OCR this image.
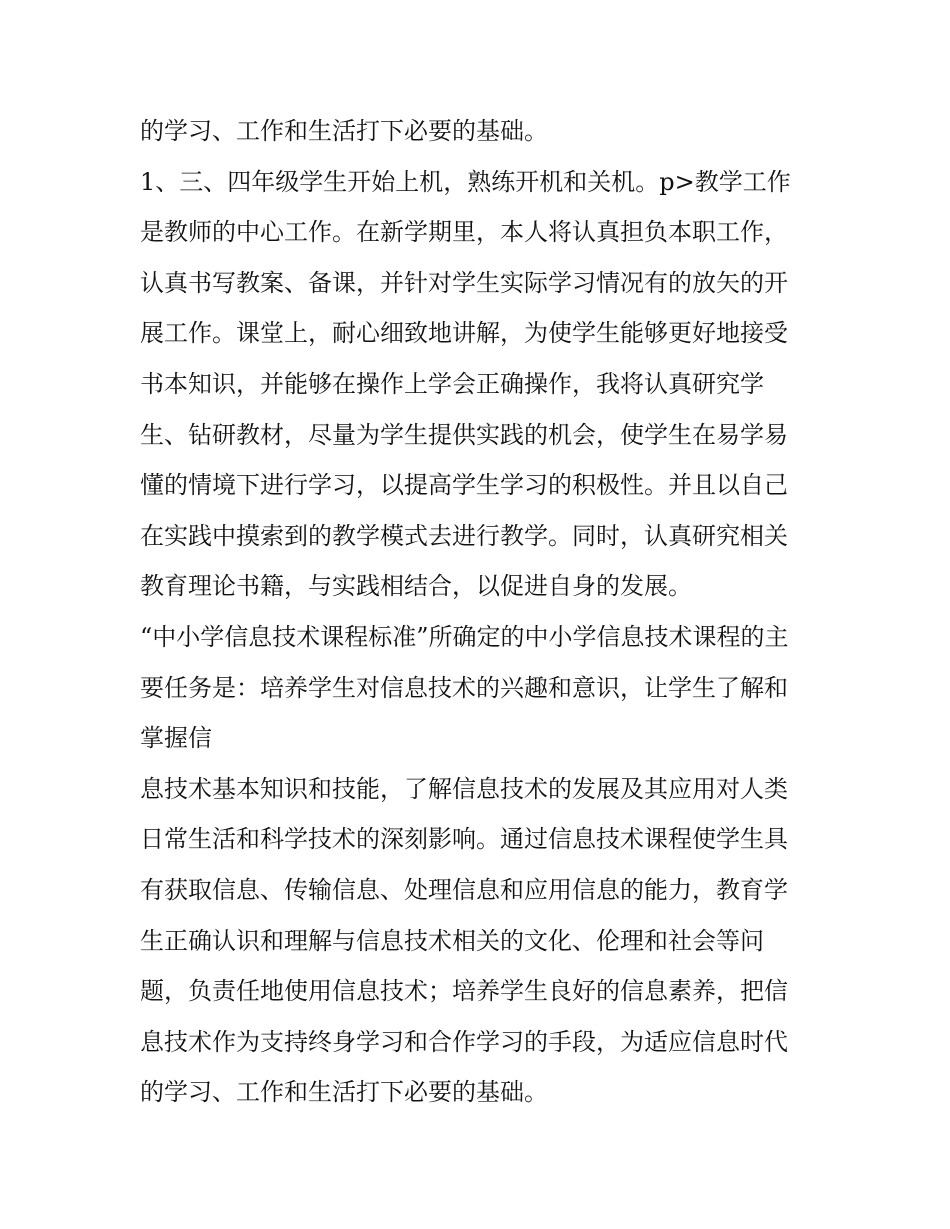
的学习、工作和生活打下必要的基础。
1、三、四年级学生开始上机，熟练开机和关机。p>教学工作
是教师的中心工作。在新学期里，本人将认真担负本职工作，
认真书写教案、备课，并针对学生实际学习情况有的放矢的开
展工作。课堂上，耐心细致地讲解，为使学生能够更好地接受
书本知识，并能够在操作上学会正确操作，我将认真研究学
生、钻研教材，尽量为学生提供实践的机会，使学生在易学易
懂的情境下进行学习，以提高学生学习的积极性。并且以自己
在实践中摸索到的教学模式去进行教学。同时，认真研究相关
教育理论书籍，与实践相结合，以促进自身的发展。
“中小学信息技术课程标准”所确定的中小学信息技术课程的主
要任务是：培养学生对信息技术的兴趣和意识，让学生了解和
掌握信
息技术基本知识和技能，了解信息技术的发展及其应用对人类
日常生活和科学技术的深刻影响。通过信息技术课程使学生具
有获取信息、传输信息、处理信息和应用信息的能力，教育学
生正确认识和理解与信息技术相关的文化、伦理和社会等问
题，负责任地使用信息技术；培养学生良好的信息素养，把信
息技术作为支持终身学习和合作学习的手段，为适应信息时代
的学习、工作和生活打下必要的基础。
